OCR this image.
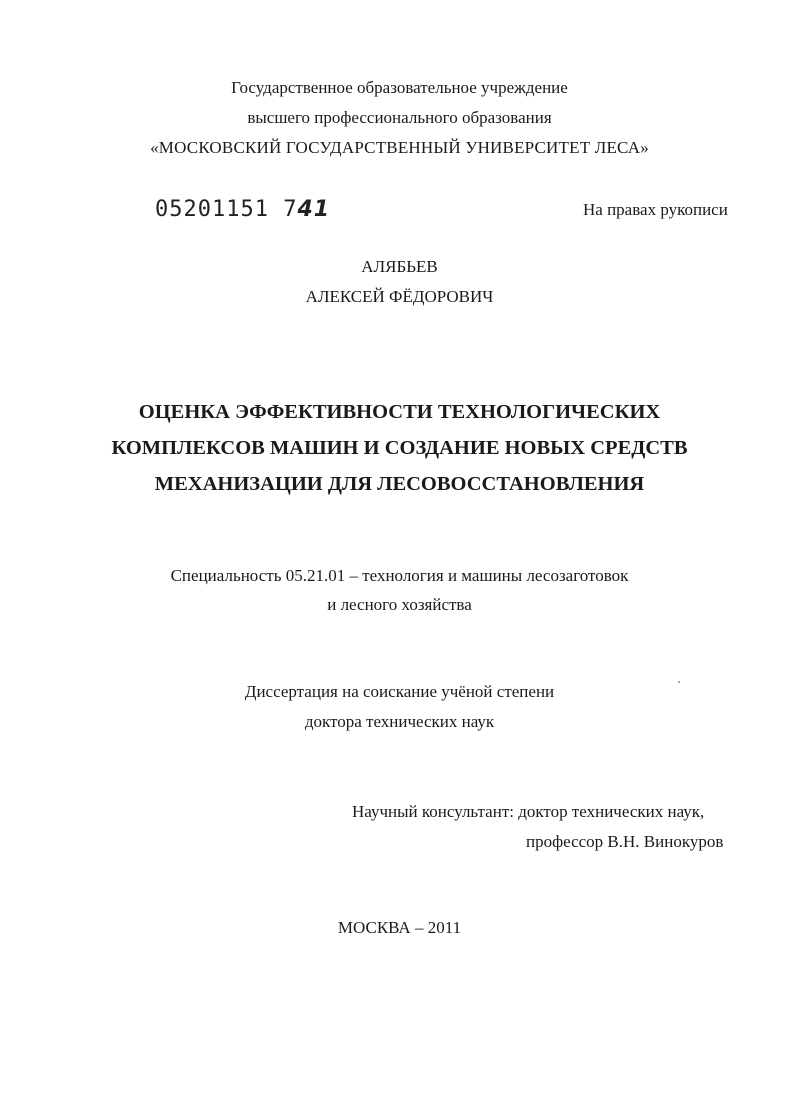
Государственное образовательное учреждение
высшего профессионального образования
«МОСКОВСКИЙ ГОСУДАРСТВЕННЫЙ УНИВЕРСИТЕТ ЛЕСА»
05201151 741	На правах рукописи
АЛЯБЬЕВ
АЛЕКСЕЙ ФЁДОРОВИЧ
ОЦЕНКА ЭФФЕКТИВНОСТИ ТЕХНОЛОГИЧЕСКИХ
КОМПЛЕКСОВ МАШИН И СОЗДАНИЕ НОВЫХ СРЕДСТВ
МЕХАНИЗАЦИИ ДЛЯ ЛЕСОВОССТАНОВЛЕНИЯ
Специальность 05.21.01 – технология и машины лесозаготовок
и лесного хозяйства
Диссертация на соискание учёной степени
доктора технических наук
Научный консультант: доктор технических наук,
профессор В.Н. Винокуров
МОСКВА – 2011
